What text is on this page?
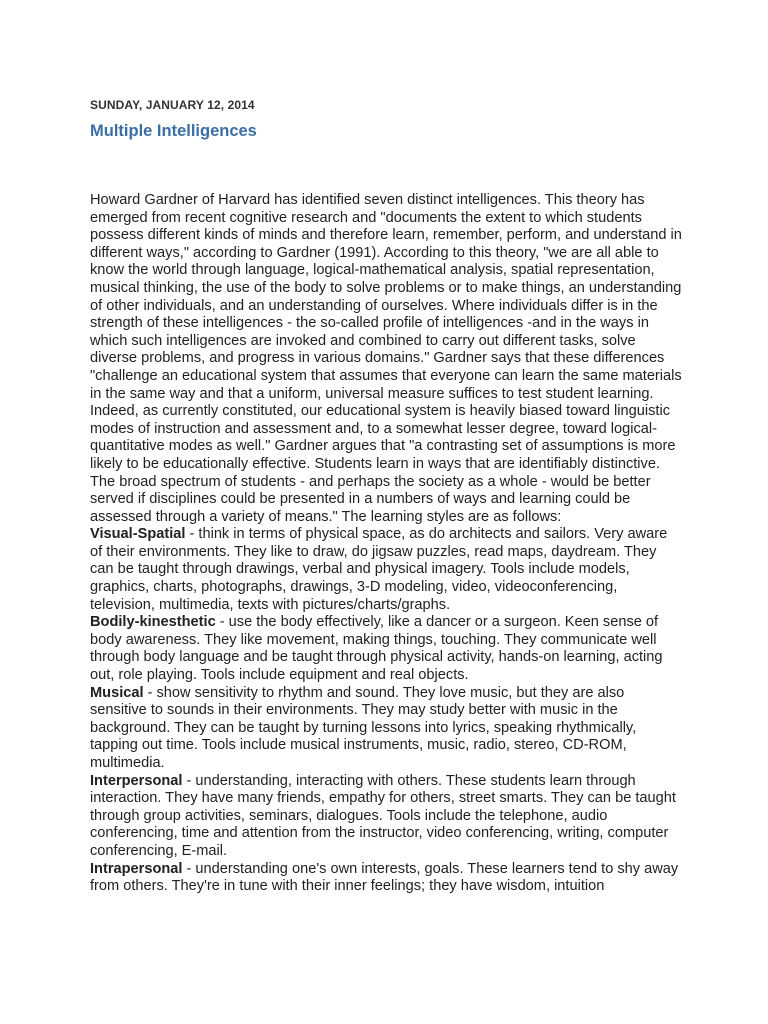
SUNDAY, JANUARY 12, 2014
Multiple Intelligences

Howard Gardner of Harvard has identified seven distinct intelligences. This theory has emerged from recent cognitive research and "documents the extent to which students possess different kinds of minds and therefore learn, remember, perform, and understand in different ways," according to Gardner (1991). According to this theory, "we are all able to know the world through language, logical-mathematical analysis, spatial representation, musical thinking, the use of the body to solve problems or to make things, an understanding of other individuals, and an understanding of ourselves. Where individuals differ is in the strength of these intelligences - the so-called profile of intelligences -and in the ways in which such intelligences are invoked and combined to carry out different tasks, solve diverse problems, and progress in various domains." Gardner says that these differences "challenge an educational system that assumes that everyone can learn the same materials in the same way and that a uniform, universal measure suffices to test student learning. Indeed, as currently constituted, our educational system is heavily biased toward linguistic modes of instruction and assessment and, to a somewhat lesser degree, toward logical-quantitative modes as well." Gardner argues that "a contrasting set of assumptions is more likely to be educationally effective. Students learn in ways that are identifiably distinctive. The broad spectrum of students - and perhaps the society as a whole - would be better served if disciplines could be presented in a numbers of ways and learning could be assessed through a variety of means." The learning styles are as follows:

Visual-Spatial - think in terms of physical space, as do architects and sailors. Very aware of their environments. They like to draw, do jigsaw puzzles, read maps, daydream. They can be taught through drawings, verbal and physical imagery. Tools include models, graphics, charts, photographs, drawings, 3-D modeling, video, videoconferencing, television, multimedia, texts with pictures/charts/graphs.

Bodily-kinesthetic - use the body effectively, like a dancer or a surgeon. Keen sense of body awareness. They like movement, making things, touching. They communicate well through body language and be taught through physical activity, hands-on learning, acting out, role playing. Tools include equipment and real objects.

Musical - show sensitivity to rhythm and sound. They love music, but they are also sensitive to sounds in their environments. They may study better with music in the background. They can be taught by turning lessons into lyrics, speaking rhythmically, tapping out time. Tools include musical instruments, music, radio, stereo, CD-ROM, multimedia.

Interpersonal - understanding, interacting with others. These students learn through interaction. They have many friends, empathy for others, street smarts. They can be taught through group activities, seminars, dialogues. Tools include the telephone, audio conferencing, time and attention from the instructor, video conferencing, writing, computer conferencing, E-mail.

Intrapersonal - understanding one's own interests, goals. These learners tend to shy away from others. They're in tune with their inner feelings; they have wisdom, intuition
